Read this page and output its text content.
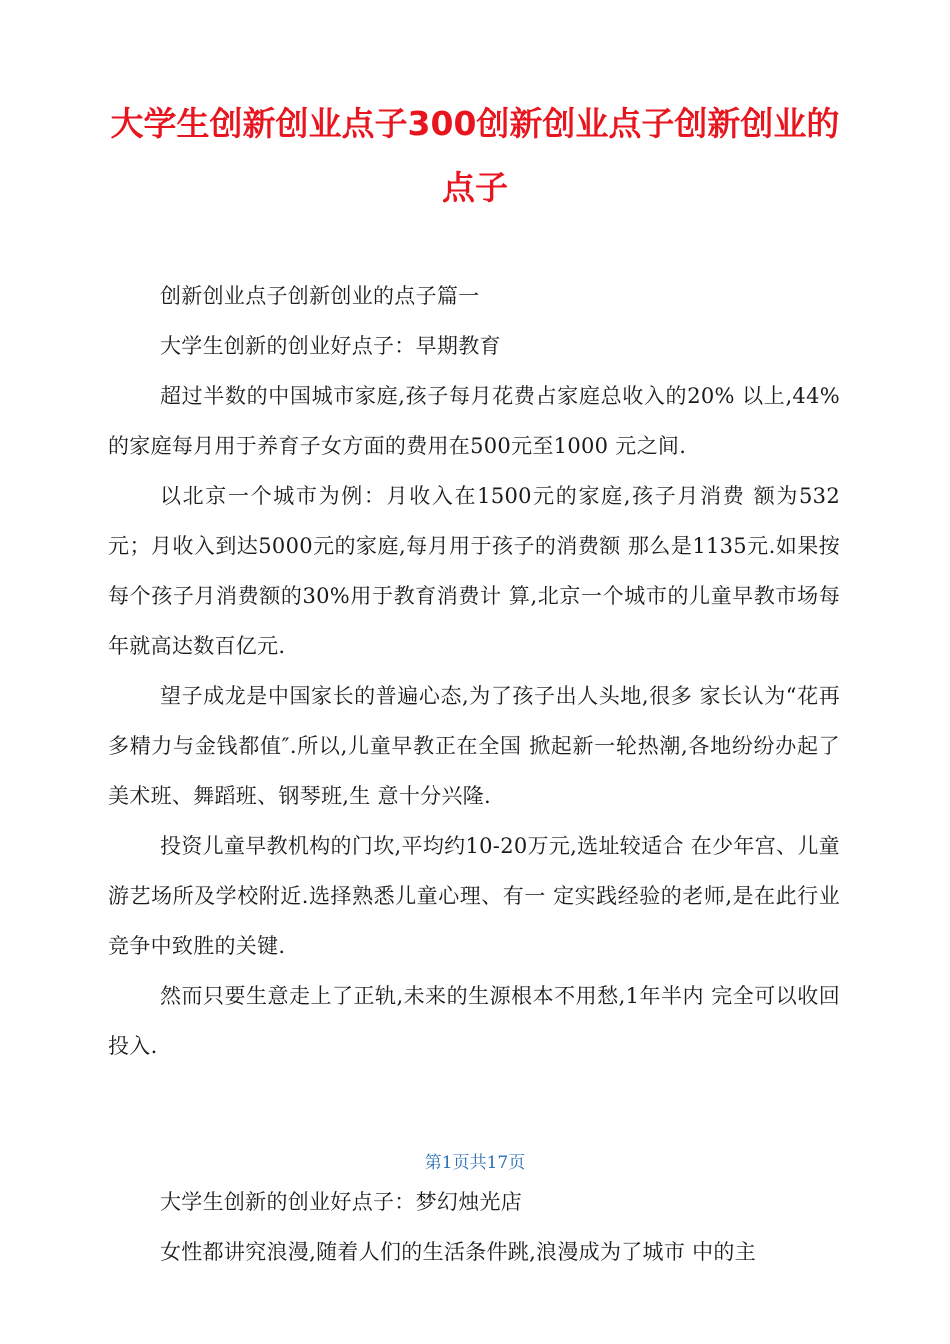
大学生创新创业点子300创新创业点子创新创业的点子

创新创业点子创新创业的点子篇一

大学生创新的创业好点子：早期教育

超过半数的中国城市家庭,孩子每月花费占家庭总收入的20% 以上,44%的家庭每月用于养育子女方面的费用在500元至1000 元之间.

以北京一个城市为例：月收入在1500元的家庭,孩子月消费 额为532元；月收入到达5000元的家庭,每月用于孩子的消费额 那么是1135元.如果按每个孩子月消费额的30%用于教育消费计 算,北京一个城市的儿童早教市场每年就高达数百亿元.

望子成龙是中国家长的普遍心态,为了孩子出人头地,很多 家长认为“花再多精力与金钱都值″.所以,儿童早教正在全国 掀起新一轮热潮,各地纷纷办起了美术班、舞蹈班、钢琴班,生 意十分兴隆.

投资儿童早教机构的门坎,平均约10-20万元,选址较适合 在少年宫、儿童游艺场所及学校附近.选择熟悉儿童心理、有一 定实践经验的老师,是在此行业竞争中致胜的关键.

然而只要生意走上了正轨,未来的生源根本不用愁,1年半内 完全可以收回投入.

第1页共17页

大学生创新的创业好点子：梦幻烛光店

女性都讲究浪漫,随着人们的生活条件跳,浪漫成为了城市 中的主
